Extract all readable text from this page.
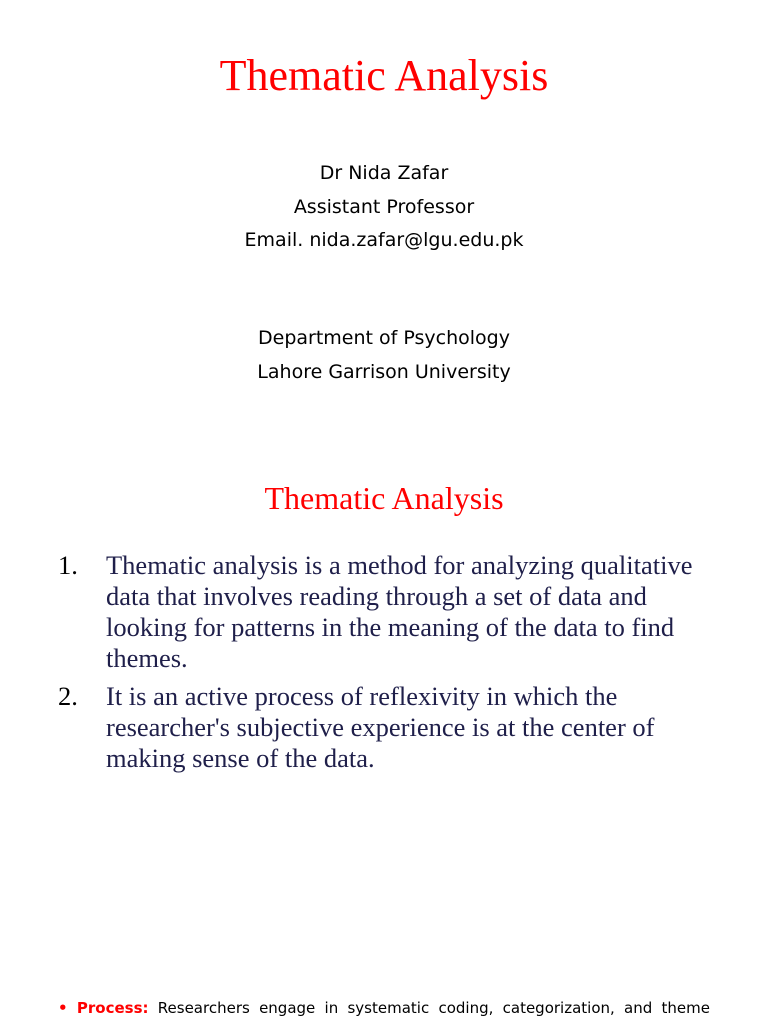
Thematic Analysis
Dr Nida Zafar
Assistant Professor
Email. nida.zafar@lgu.edu.pk
Department of Psychology
Lahore Garrison University
Thematic Analysis
1. Thematic analysis is a method for analyzing qualitative data that involves reading through a set of data and looking for patterns in the meaning of the data to find themes.
2. It is an active process of reflexivity in which the researcher's subjective experience is at the center of making sense of the data.
• Process: Researchers engage in systematic coding, categorization, and theme
